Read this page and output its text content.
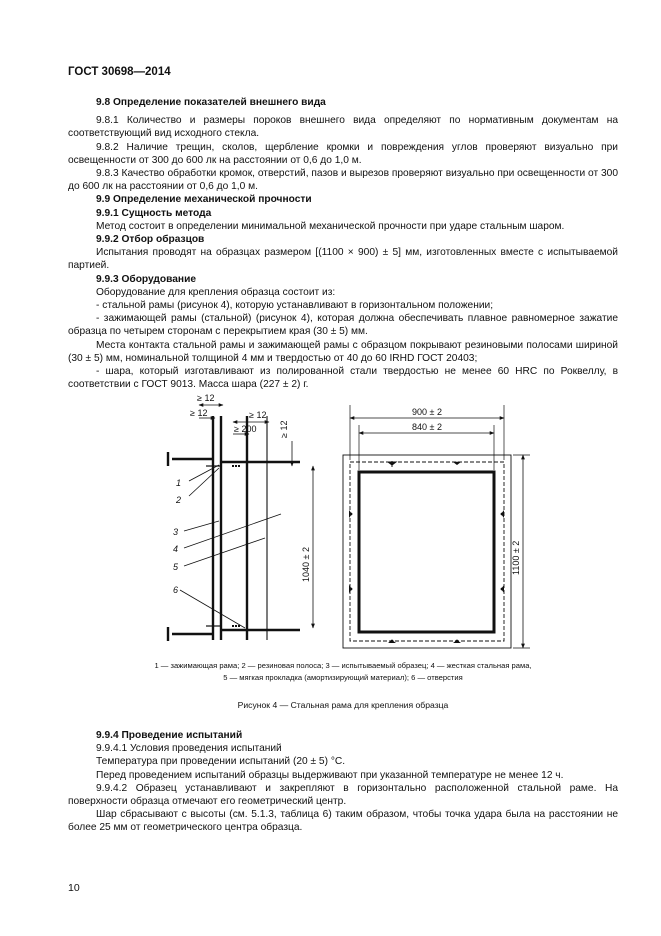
ГОСТ 30698—2014

9.8 Определение показателей внешнего вида

9.8.1 Количество и размеры пороков внешнего вида определяют по нормативным документам на соответствующий вид исходного стекла.

9.8.2 Наличие трещин, сколов, щербление кромки и повреждения углов проверяют визуально при освещенности от 300 до 600 лк на расстоянии от 0,6 до 1,0 м.

9.8.3 Качество обработки кромок, отверстий, пазов и вырезов проверяют визуально при освещенности от 300 до 600 лк на расстоянии от 0,6 до 1,0 м.

9.9 Определение механической прочности

9.9.1 Сущность метода

Метод состоит в определении минимальной механической прочности при ударе стальным шаром.

9.9.2 Отбор образцов

Испытания проводят на образцах размером [(1100 × 900) ± 5] мм, изготовленных вместе с испытываемой партией.

9.9.3 Оборудование

Оборудование для крепления образца состоит из:

- стальной рамы (рисунок 4), которую устанавливают в горизонтальном положении;

- зажимающей рамы (стальной) (рисунок 4), которая должна обеспечивать плавное равномерное зажатие образца по четырем сторонам с перекрытием края (30 ± 5) мм.

Места контакта стальной рамы и зажимающей рамы с образцом покрывают резиновыми полосами шириной (30 ± 5) мм, номинальной толщиной 4 мм и твердостью от 40 до 60 IRHD ГОСТ 20403;

- шара, который изготавливают из полированной стали твердостью не менее 60 HRC по Роквеллу, в соответствии с ГОСТ 9013. Масса шара (227 ± 2) г.

≥ 12
≥ 12	≥ 12
≥ 200	≥ 12
1040 ± 2
1
2
3
4
5
6
900 ± 2
840 ± 2
1100 ± 2

1 — зажимающая рама; 2 — резиновая полоса; 3 — испытываемый образец; 4 — жесткая стальная рама,

5 — мягкая прокладка (амортизирующий материал); 6 — отверстия

Рисунок 4 — Стальная рама для крепления образца

9.9.4 Проведение испытаний

9.9.4.1 Условия проведения испытаний

Температура при проведении испытаний (20 ± 5) °С.

Перед проведением испытаний образцы выдерживают при указанной температуре не менее 12 ч.

9.9.4.2 Образец устанавливают и закрепляют в горизонтально расположенной стальной раме. На поверхности образца отмечают его геометрический центр.

Шар сбрасывают с высоты (см. 5.1.3, таблица 6) таким образом, чтобы точка удара была на расстоянии не более 25 мм от геометрического центра образца.

10
